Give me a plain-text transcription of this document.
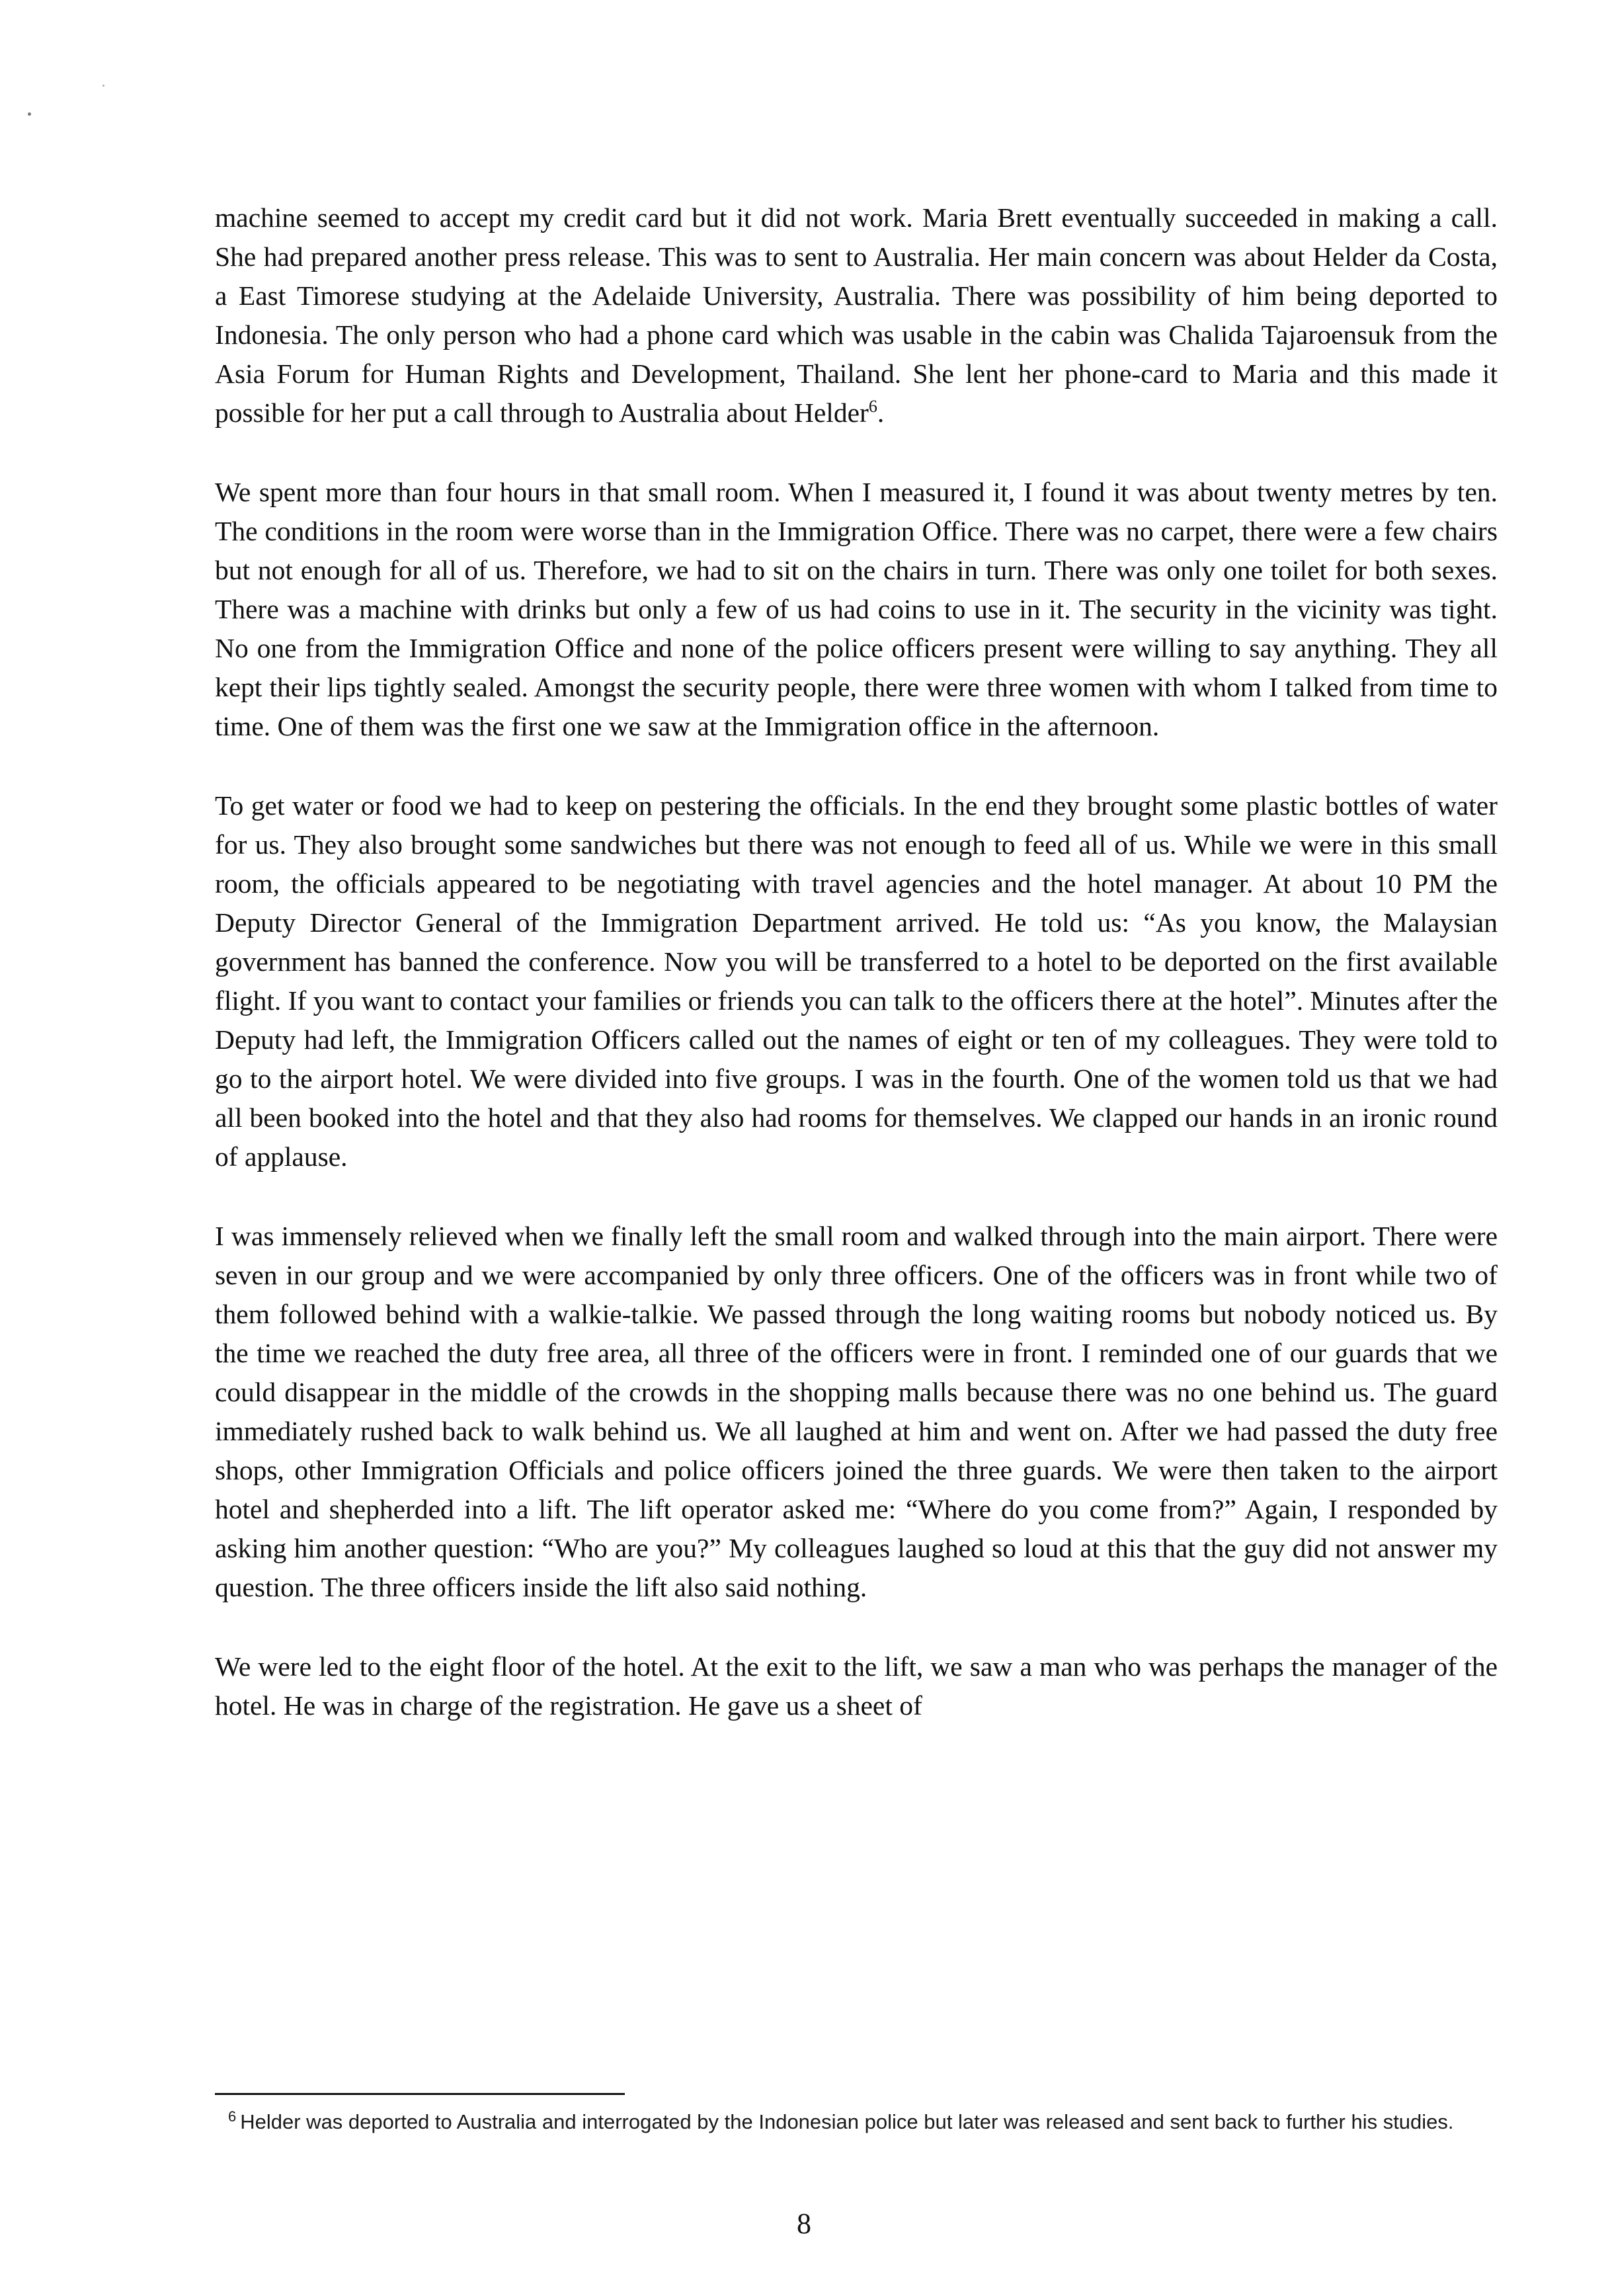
machine seemed to accept my credit card but it did not work. Maria Brett eventually succeeded in making a call. She had prepared another press release. This was to sent to Australia. Her main concern was about Helder da Costa, a East Timorese studying at the Adelaide University, Australia. There was possibility of him being deported to Indonesia. The only person who had a phone card which was usable in the cabin was Chalida Tajaroensuk from the Asia Forum for Human Rights and Development, Thailand. She lent her phone-card to Maria and this made it possible for her put a call through to Australia about Helder$^6$.

We spent more than four hours in that small room. When I measured it, I found it was about twenty metres by ten. The conditions in the room were worse than in the Immigration Office. There was no carpet, there were a few chairs but not enough for all of us. Therefore, we had to sit on the chairs in turn. There was only one toilet for both sexes. There was a machine with drinks but only a few of us had coins to use in it. The security in the vicinity was tight. No one from the Immigration Office and none of the police officers present were willing to say anything. They all kept their lips tightly sealed. Amongst the security people, there were three women with whom I talked from time to time. One of them was the first one we saw at the Immigration office in the afternoon.

To get water or food we had to keep on pestering the officials. In the end they brought some plastic bottles of water for us. They also brought some sandwiches but there was not enough to feed all of us. While we were in this small room, the officials appeared to be negotiating with travel agencies and the hotel manager. At about 10 PM the Deputy Director General of the Immigration Department arrived. He told us: “As you know, the Malaysian government has banned the conference. Now you will be transferred to a hotel to be deported on the first available flight. If you want to contact your families or friends you can talk to the officers there at the hotel”. Minutes after the Deputy had left, the Immigration Officers called out the names of eight or ten of my colleagues. They were told to go to the airport hotel. We were divided into five groups. I was in the fourth. One of the women told us that we had all been booked into the hotel and that they also had rooms for themselves. We clapped our hands in an ironic round of applause.

I was immensely relieved when we finally left the small room and walked through into the main airport. There were seven in our group and we were accompanied by only three officers. One of the officers was in front while two of them followed behind with a walkie-talkie. We passed through the long waiting rooms but nobody noticed us. By the time we reached the duty free area, all three of the officers were in front. I reminded one of our guards that we could disappear in the middle of the crowds in the shopping malls because there was no one behind us. The guard immediately rushed back to walk behind us. We all laughed at him and went on. After we had passed the duty free shops, other Immigration Officials and police officers joined the three guards. We were then taken to the airport hotel and shepherded into a lift. The lift operator asked me: “Where do you come from?” Again, I responded by asking him another question: “Who are you?” My colleagues laughed so loud at this that the guy did not answer my question. The three officers inside the lift also said nothing.

We were led to the eight floor of the hotel. At the exit to the lift, we saw a man who was perhaps the manager of the hotel. He was in charge of the registration. He gave us a sheet of

$^6$ Helder was deported to Australia and interrogated by the Indonesian police but later was released and sent back to further his studies.
8
